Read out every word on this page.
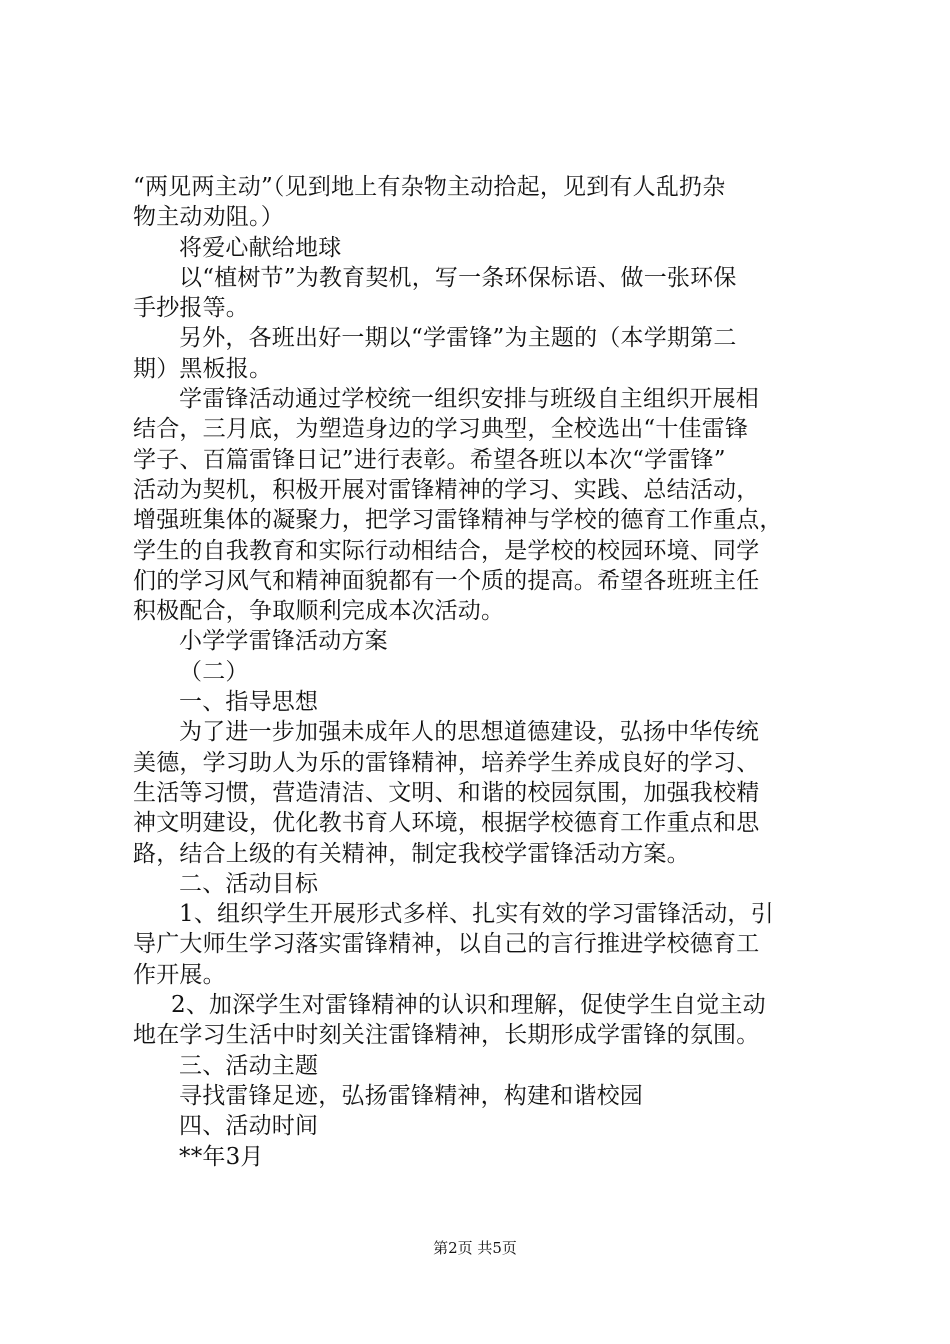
“两见两主动”（见到地上有杂物主动拾起，见到有人乱扔杂
物主动劝阻。）
将爱心献给地球
以“植树节”为教育契机，写一条环保标语、做一张环保
手抄报等。
另外，各班出好一期以“学雷锋”为主题的（本学期第二
期）黑板报。
学雷锋活动通过学校统一组织安排与班级自主组织开展相
结合，三月底，为塑造身边的学习典型，全校选出“十佳雷锋
学子、百篇雷锋日记”进行表彰。希望各班以本次“学雷锋”
活动为契机，积极开展对雷锋精神的学习、实践、总结活动，
增强班集体的凝聚力，把学习雷锋精神与学校的德育工作重点，
学生的自我教育和实际行动相结合，是学校的校园环境、同学
们的学习风气和精神面貌都有一个质的提高。希望各班班主任
积极配合，争取顺利完成本次活动。
小学学雷锋活动方案
（二）
一、指导思想
为了进一步加强未成年人的思想道德建设，弘扬中华传统
美德，学习助人为乐的雷锋精神，培养学生养成良好的学习、
生活等习惯，营造清洁、文明、和谐的校园氛围，加强我校精
神文明建设，优化教书育人环境，根据学校德育工作重点和思
路，结合上级的有关精神，制定我校学雷锋活动方案。
二、活动目标
1、组织学生开展形式多样、扎实有效的学习雷锋活动，引
导广大师生学习落实雷锋精神，以自己的言行推进学校德育工
作开展。
2、加深学生对雷锋精神的认识和理解，促使学生自觉主动
地在学习生活中时刻关注雷锋精神，长期形成学雷锋的氛围。
三、活动主题
寻找雷锋足迹，弘扬雷锋精神，构建和谐校园
四、活动时间
**年3月
第2页 共5页
